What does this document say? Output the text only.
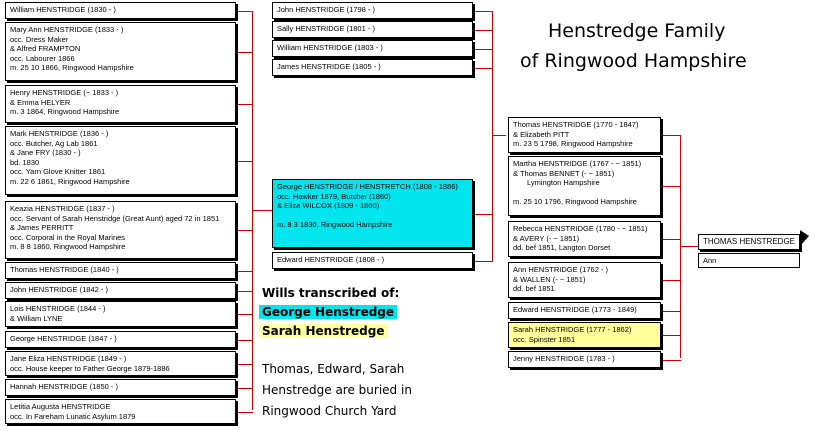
Henstredge Family
of Ringwood Hampshire
William HENSTRIDGE (1830 - )
Mary Ann HENSTRIDGE (1833 - )
occ. Dress Maker
& Alfred FRAMPTON
occ. Labourer 1866
m. 25 10 1866, Ringwood Hampshire
Henry HENSTRIDGE (~ 1833 - )
& Emma HELYER
m. 3 1864, Ringwood Hampshire
Mark HENSTRIDGE (1836 - )
occ. Butcher, Ag Lab 1861
& Jane FRY (1830 - )
bd. 1830
occ. Yarn Glove Knitter 1861
m. 22 6 1861, Ringwood Hampshire
Keazia HENSTRIDGE (1837 - )
occ. Servant of Sarah Henstridge (Great Aunt) aged 72 in 1851
& James PERRITT
occ. Corporal in the Royal Marines
m. 8 8 1860, Ringwood Hampshire
Thomas HENSTRIDGE (1840 - )
John HENSTRIDGE (1842 - )
Lois HENSTRIDGE (1844 - )
& William LYNE
George HENSTRIDGE (1847 - )
Jane Eliza HENSTRIDGE (1849 - )
occ. House keeper to Father George 1879-1886
Hannah HENSTRIDGE (1850 - )
Letitia Augusta HENSTRIDGE
occ. In Fareham Lunatic Asylum 1879
John HENSTRIDGE (1798 - )
Sally HENSTRIDGE (1801 - )
William HENSTRIDGE (1803 - )
James HENSTRIDGE (1805 - )
George HENSTRIDGE / HENSTRETCH (1808 - 1886)
occ. Hawker 1879, Butcher (1860)
& Eliza WILCOX (1809 - 1860)
m. 8 3 1830, Ringwood Hampshire
Edward HENSTRIDGE (1808 - )
Wills transcribed of:
George Henstredge
Sarah Henstredge
Thomas, Edward, Sarah
Henstredge are buried in
Ringwood Church Yard
Thomas HENSTRIDGE (1770 - 1847)
& Elizabeth PITT
m. 23 5 1798, Ringwood Hampshire
Martha HENSTRIDGE (1767 - ~ 1851)
& Thomas BENNET (- ~ 1851)
Lymington Hampshire
m. 25 10 1796, Ringwood Hampshire
Rebecca HENSTRIDGE (1780 - ~ 1851)
& AVERY (- ~ 1851)
dd. bef 1851, Langton Dorset
Ann HENSTRIDGE (1762 - )
& WALLEN (- ~ 1851)
dd. bef 1851
Edward HENSTRIDGE (1773 - 1849)
Sarah HENSTRIDGE (1777 - 1862)
occ. Spinster 1851
Jenny HENSTRIDGE (1783 - )
THOMAS HENSTREDGE
Ann
